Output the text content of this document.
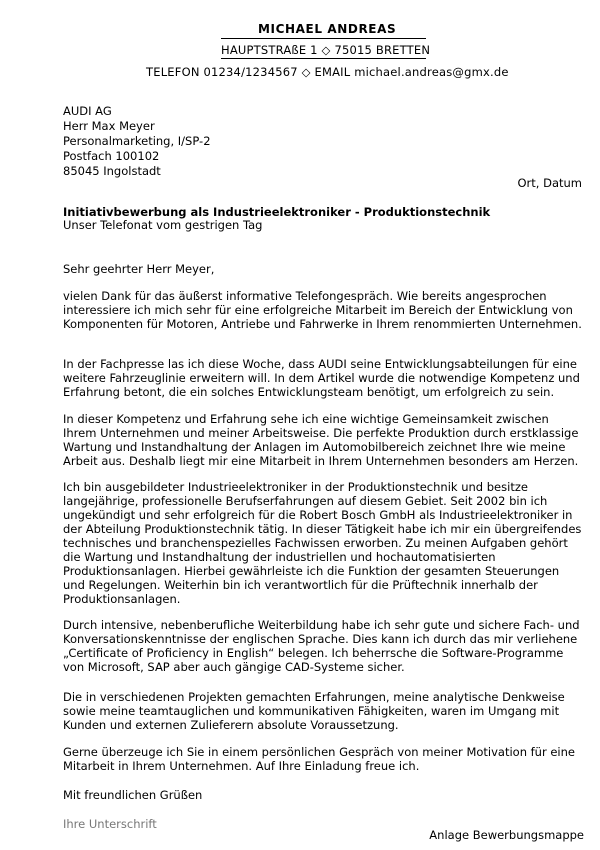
MICHAEL ANDREAS
HAUPTSTRAßE 1 ◇ 75015 BRETTEN
TELEFON 01234/1234567 ◇ EMAIL michael.andreas@gmx.de
AUDI AG
Herr Max Meyer
Personalmarketing, I/SP-2
Postfach 100102
85045 Ingolstadt
Ort, Datum
Initiativbewerbung als Industrieelektroniker - Produktionstechnik
Unser Telefonat vom gestrigen Tag
Sehr geehrter Herr Meyer,
vielen Dank für das äußerst informative Telefongespräch. Wie bereits angesprochen interessiere ich mich sehr für eine erfolgreiche Mitarbeit im Bereich der Entwicklung von Komponenten für Motoren, Antriebe und Fahrwerke in Ihrem renommierten Unternehmen.
In der Fachpresse las ich diese Woche, dass AUDI seine Entwicklungsabteilungen für eine weitere Fahrzeuglinie erweitern will. In dem Artikel wurde die notwendige Kompetenz und Erfahrung betont, die ein solches Entwicklungsteam benötigt, um erfolgreich zu sein.
In dieser Kompetenz und Erfahrung sehe ich eine wichtige Gemeinsamkeit zwischen Ihrem Unternehmen und meiner Arbeitsweise. Die perfekte Produktion durch erstklassige Wartung und Instandhaltung der Anlagen im Automobilbereich zeichnet Ihre wie meine Arbeit aus. Deshalb liegt mir eine Mitarbeit in Ihrem Unternehmen besonders am Herzen.
Ich bin ausgebildeter Industrieelektroniker in der Produktionstechnik und besitze langejährige, professionelle Berufserfahrungen auf diesem Gebiet. Seit 2002 bin ich ungekündigt und sehr erfolgreich für die Robert Bosch GmbH als Industrieelektroniker in der Abteilung Produktionstechnik tätig. In dieser Tätigkeit habe ich mir ein übergreifendes technisches und branchenspezielles Fachwissen erworben. Zu meinen Aufgaben gehört die Wartung und Instandhaltung der industriellen und hochautomatisierten Produktionsanlagen. Hierbei gewährleiste ich die Funktion der gesamten Steuerungen und Regelungen. Weiterhin bin ich verantwortlich für die Prüftechnik innerhalb der Produktionsanlagen.
Durch intensive, nebenberufliche Weiterbildung habe ich sehr gute und sichere Fach- und Konversationskenntnisse der englischen Sprache. Dies kann ich durch das mir verliehene „Certificate of Proficiency in English“ belegen. Ich beherrsche die Software-Programme von Microsoft, SAP aber auch gängige CAD-Systeme sicher.
Die in verschiedenen Projekten gemachten Erfahrungen, meine analytische Denkweise sowie meine teamtauglichen und kommunikativen Fähigkeiten, waren im Umgang mit Kunden und externen Zulieferern absolute Voraussetzung.
Gerne überzeuge ich Sie in einem persönlichen Gespräch von meiner Motivation für eine Mitarbeit in Ihrem Unternehmen. Auf Ihre Einladung freue ich.
Mit freundlichen Grüßen
Ihre Unterschrift
Anlage Bewerbungsmappe
